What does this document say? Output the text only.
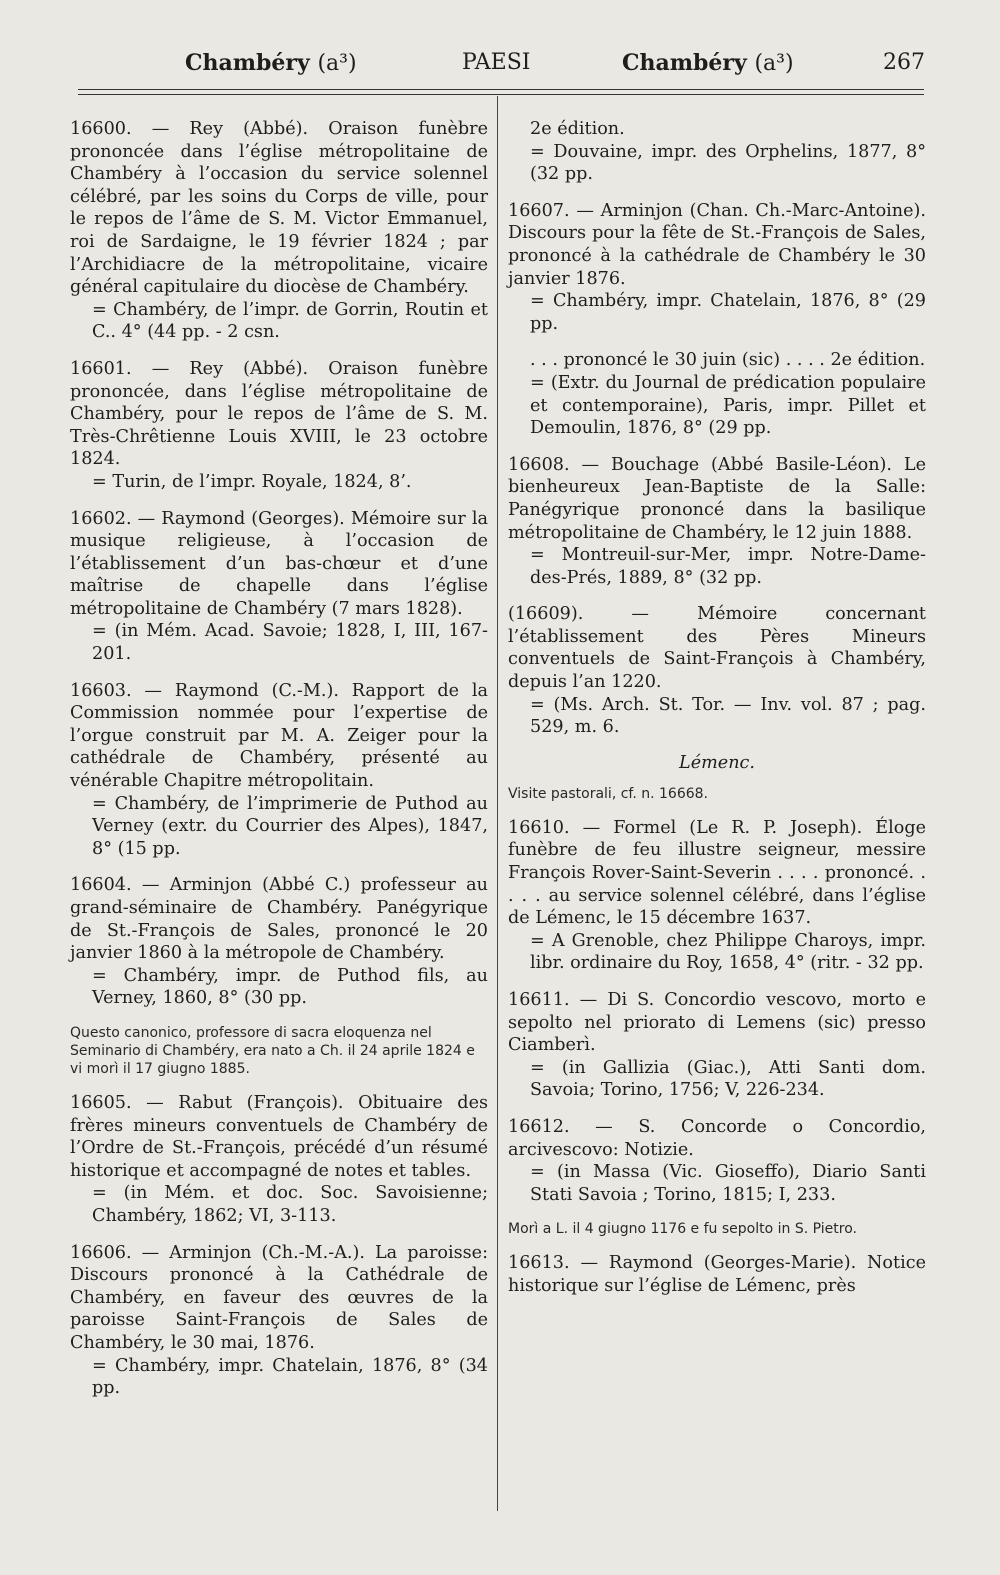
Chambéry (a³)	PAESI	Chambéry (a³)	267

16600. — Rey (Abbé). Oraison funèbre prononcée dans l’église métropolitaine de Chambéry à l’occasion du service solennel célébré, par les soins du Corps de ville, pour le repos de l’âme de S. M. Victor Emmanuel, roi de Sardaigne, le 19 février 1824 ; par l’Archidiacre de la métropolitaine, vicaire général capitulaire du diocèse de Chambéry.

= Chambéry, de l’impr. de Gorrin, Routin et C.. 4° (44 pp. - 2 csn.

16601. — Rey (Abbé). Oraison funèbre prononcée, dans l’église métropolitaine de Chambéry, pour le repos de l’âme de S. M. Très-Chrêtienne Louis XVIII, le 23 octobre 1824.

= Turin, de l’impr. Royale, 1824, 8’.

16602. — Raymond (Georges). Mémoire sur la musique religieuse, à l’occasion de l’établissement d’un bas-chœur et d’une maîtrise de chapelle dans l’église métropolitaine de Chambéry (7 mars 1828).

= (in Mém. Acad. Savoie; 1828, I, III, 167-201.

16603. — Raymond (C.-M.). Rapport de la Commission nommée pour l’expertise de l’orgue construit par M. A. Zeiger pour la cathédrale de Chambéry, présenté au vénérable Chapitre métropolitain.

= Chambéry, de l’imprimerie de Puthod au Verney (extr. du Courrier des Alpes), 1847, 8° (15 pp.

16604. — Arminjon (Abbé C.) professeur au grand-séminaire de Chambéry. Panégyrique de St.-François de Sales, prononcé le 20 janvier 1860 à la métropole de Chambéry.

= Chambéry, impr. de Puthod fils, au Verney, 1860, 8° (30 pp.

Questo canonico, professore di sacra eloquenza nel Seminario di Chambéry, era nato a Ch. il 24 aprile 1824 e vi morì il 17 giugno 1885.

16605. — Rabut (François). Obituaire des frères mineurs conventuels de Chambéry de l’Ordre de St.-François, précédé d’un résumé historique et accompagné de notes et tables.

= (in Mém. et doc. Soc. Savoisienne; Chambéry, 1862; VI, 3-113.

16606. — Arminjon (Ch.-M.-A.). La paroisse: Discours prononcé à la Cathédrale de Chambéry, en faveur des œuvres de la paroisse Saint-François de Sales de Chambéry, le 30 mai, 1876.

= Chambéry, impr. Chatelain, 1876, 8° (34 pp.

2e édition.

= Douvaine, impr. des Orphelins, 1877, 8° (32 pp.

16607. — Arminjon (Chan. Ch.-Marc-Antoine). Discours pour la fête de St.-François de Sales, prononcé à la cathédrale de Chambéry le 30 janvier 1876.

= Chambéry, impr. Chatelain, 1876, 8° (29 pp.

. . . prononcé le 30 juin (sic) . . . . 2e édition.

= (Extr. du Journal de prédication populaire et contemporaine), Paris, impr. Pillet et Demoulin, 1876, 8° (29 pp.

16608. — Bouchage (Abbé Basile-Léon). Le bienheureux Jean-Baptiste de la Salle: Panégyrique prononcé dans la basilique métropolitaine de Chambéry, le 12 juin 1888.

= Montreuil-sur-Mer, impr. Notre-Dame-des-Prés, 1889, 8° (32 pp.

(16609).	— Mémoire concernant l’établissement des Pères Mineurs conventuels de Saint-François à Chambéry, depuis l’an 1220.

= (Ms. Arch. St. Tor. — Inv. vol. 87 ; pag. 529, m. 6.

Lémenc.
Visite pastorali, cf. n. 16668.

16610. — Formel (Le R. P. Joseph). Éloge funèbre de feu illustre seigneur, messire François Rover-Saint-Severin . . . . prononcé. . . . . au service solennel célébré, dans l’église de Lémenc, le 15 décembre 1637.

= A Grenoble, chez Philippe Charoys, impr. libr. ordinaire du Roy, 1658, 4° (ritr. - 32 pp.

16611. — Di S. Concordio vescovo, morto e sepolto nel priorato di Lemens (sic) presso Ciamberì.

= (in Gallizia (Giac.), Atti Santi dom. Savoia; Torino, 1756; V, 226-234.

16612. — S. Concorde o Concordio, arcivescovo: Notizie.

= (in Massa (Vic. Gioseffo), Diario Santi Stati Savoia ; Torino, 1815; I, 233.

Morì a L. il 4 giugno 1176 e fu sepolto in S. Pietro.

16613. — Raymond (Georges-Marie). Notice historique sur l’église de Lémenc, près
